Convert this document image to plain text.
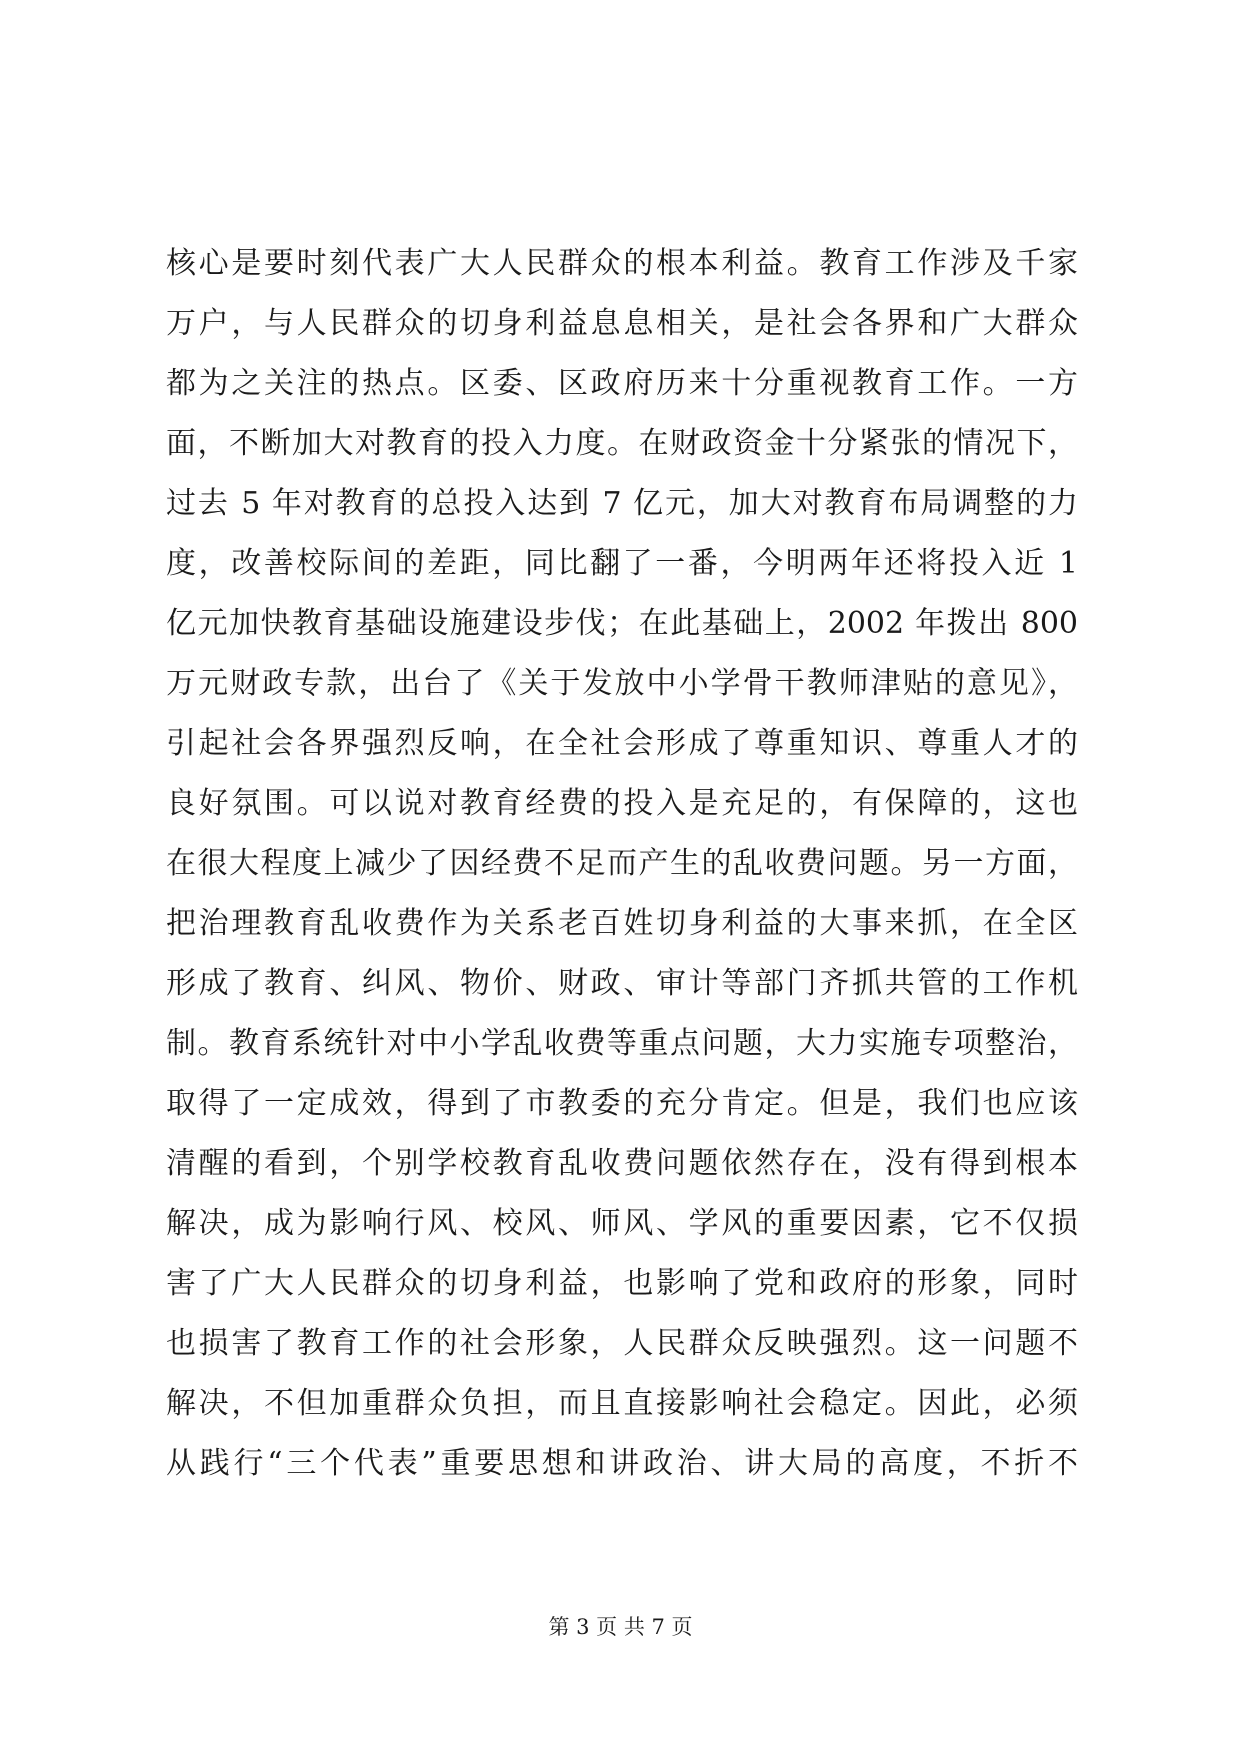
核心是要时刻代表广大人民群众的根本利益。教育工作涉及千家
万户，与人民群众的切身利益息息相关，是社会各界和广大群众
都为之关注的热点。区委、区政府历来十分重视教育工作。一方
面，不断加大对教育的投入力度。在财政资金十分紧张的情况下，
过去 5 年对教育的总投入达到 7 亿元，加大对教育布局调整的力
度，改善校际间的差距，同比翻了一番，今明两年还将投入近 1
亿元加快教育基础设施建设步伐；在此基础上，2002 年拨出 800
万元财政专款，出台了《关于发放中小学骨干教师津贴的意见》，
引起社会各界强烈反响，在全社会形成了尊重知识、尊重人才的
良好氛围。可以说对教育经费的投入是充足的，有保障的，这也
在很大程度上减少了因经费不足而产生的乱收费问题。另一方面，
把治理教育乱收费作为关系老百姓切身利益的大事来抓，在全区
形成了教育、纠风、物价、财政、审计等部门齐抓共管的工作机
制。教育系统针对中小学乱收费等重点问题，大力实施专项整治，
取得了一定成效，得到了市教委的充分肯定。但是，我们也应该
清醒的看到，个别学校教育乱收费问题依然存在，没有得到根本
解决，成为影响行风、校风、师风、学风的重要因素，它不仅损
害了广大人民群众的切身利益，也影响了党和政府的形象，同时
也损害了教育工作的社会形象，人民群众反映强烈。这一问题不
解决，不但加重群众负担，而且直接影响社会稳定。因此，必须
从践行“三个代表”重要思想和讲政治、讲大局的高度，不折不
第 3 页 共 7 页
